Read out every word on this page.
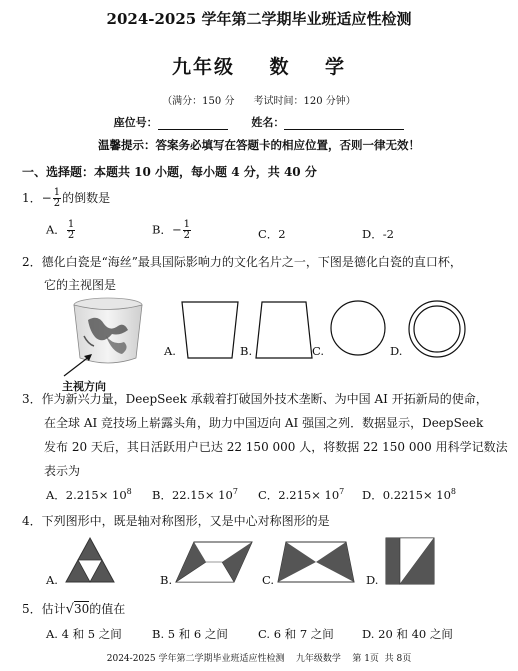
2024-2025 学年第二学期毕业班适应性检测
九年级    数    学
（满分：150 分      考试时间：120 分钟）
座位号：	姓名：
温馨提示：答案务必填写在答题卡的相应位置，否则一律无效！
一、选择题：本题共 10 小题，每小题 4 分，共 40 分
1．− $\frac{1}{2}$ 的倒数是
A． $\frac{1}{2}$	B．− $\frac{1}{2}$	C．2	D．-2
2．德化白瓷是“海丝”最具国际影响力的文化名片之一，下图是德化白瓷的直口杯，
它的主视图是
主视方向
A.	B.	C.	D.
3．作为新兴力量，DeepSeek 承载着打破国外技术垄断、为中国 AI 开拓新局的使命，
在全球 AI 竞技场上崭露头角，助力中国迈向 AI 强国之列．数据显示，DeepSeek
发布 20 天后，其日活跃用户已达 22 150 000 人，将数据 22 150 000 用科学记数法
表示为
A．$2.215\times 10^8$ B．$22.15\times 10^7$ C．$2.215\times 10^7$ D．$0.2215\times 10^8$
4．下列图形中，既是轴对称图形，又是中心对称图形的是
A.	B.	C.	D.
5．估计√30的值在
A. 4 和 5 之间	B. 5 和 6 之间	C. 6 和 7 之间 D. 20 和 40 之间
2024-2025 学年第二学期毕业班适应性检测    九年级数学    第 1页  共 8页
